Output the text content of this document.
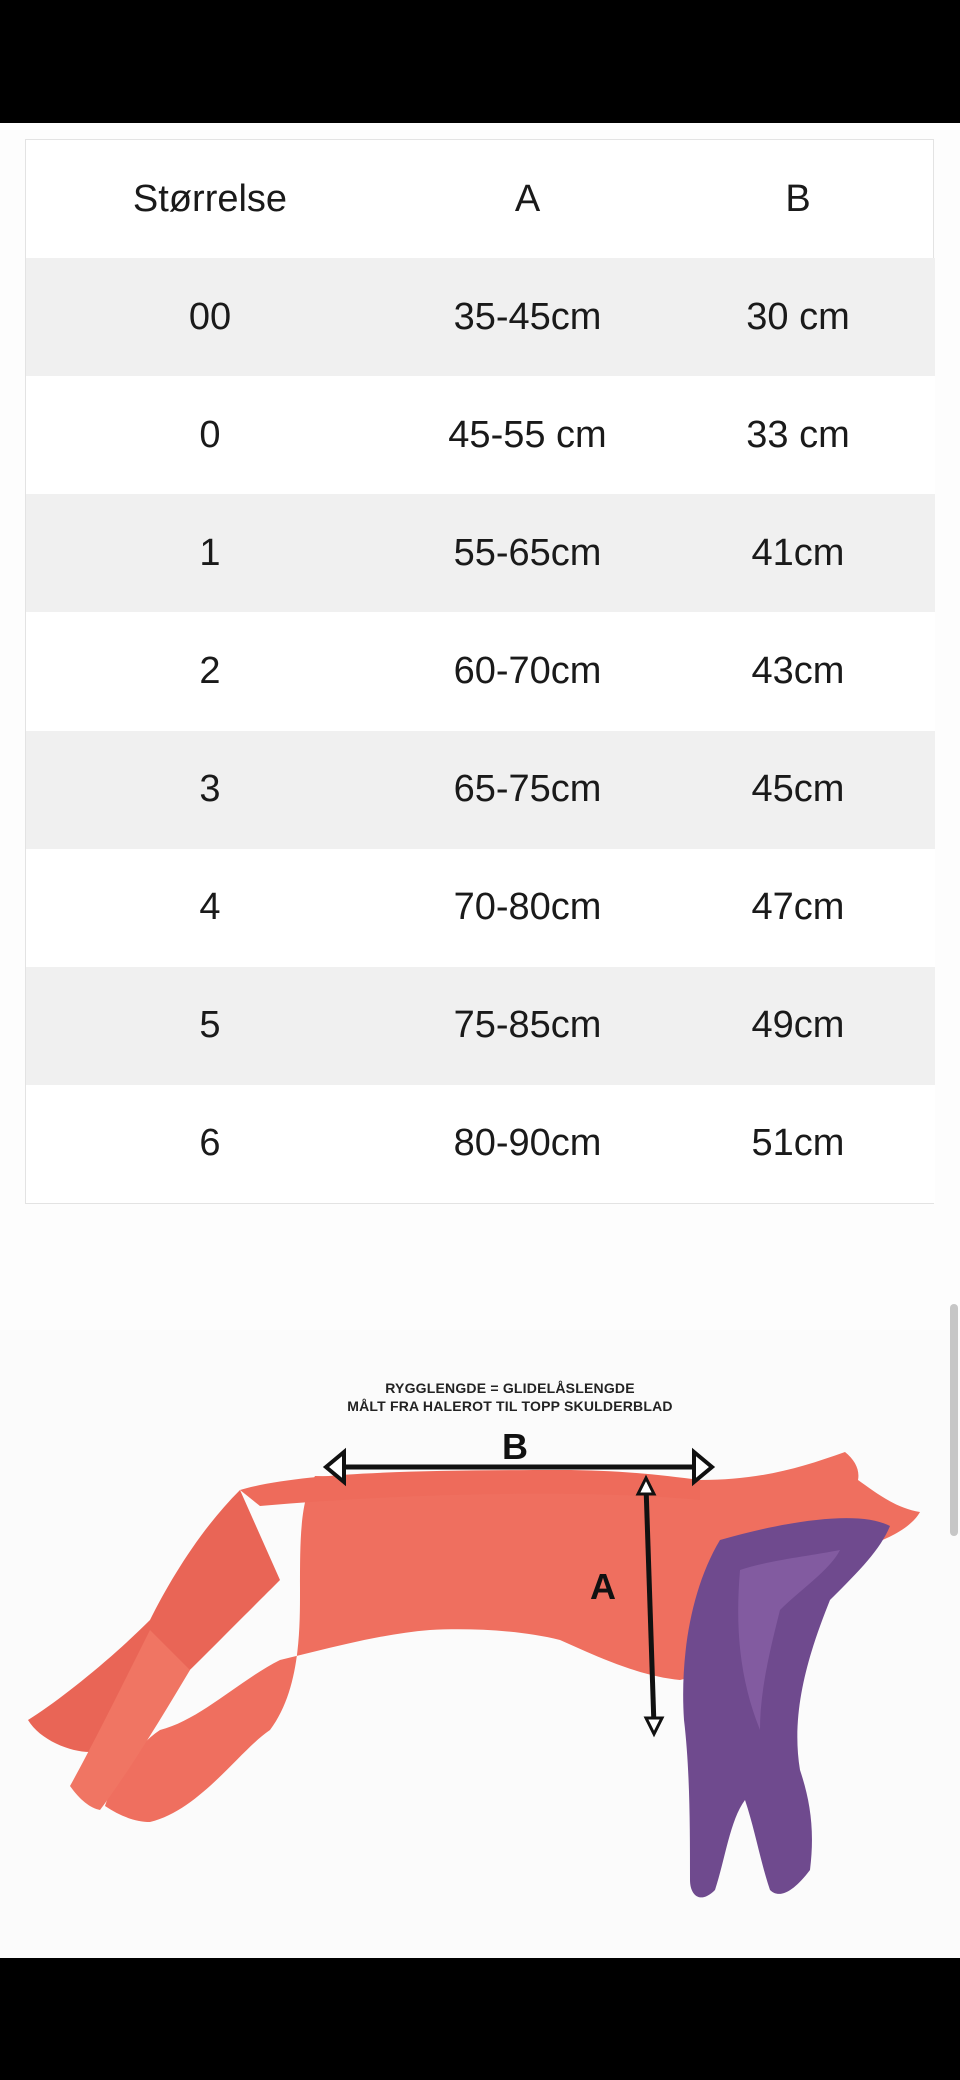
Størrelse	A	B
00	35-45cm	30 cm
0	45-55 cm	33 cm
1	55-65cm	41cm
2	60-70cm	43cm
3	65-75cm	45cm
4	70-80cm	47cm
5	75-85cm	49cm
6	80-90cm	51cm
RYGGLENGDE = GLIDELÅSLENGDE
MÅLT FRA HALEROT TIL TOPP SKULDERBLAD
B
A
